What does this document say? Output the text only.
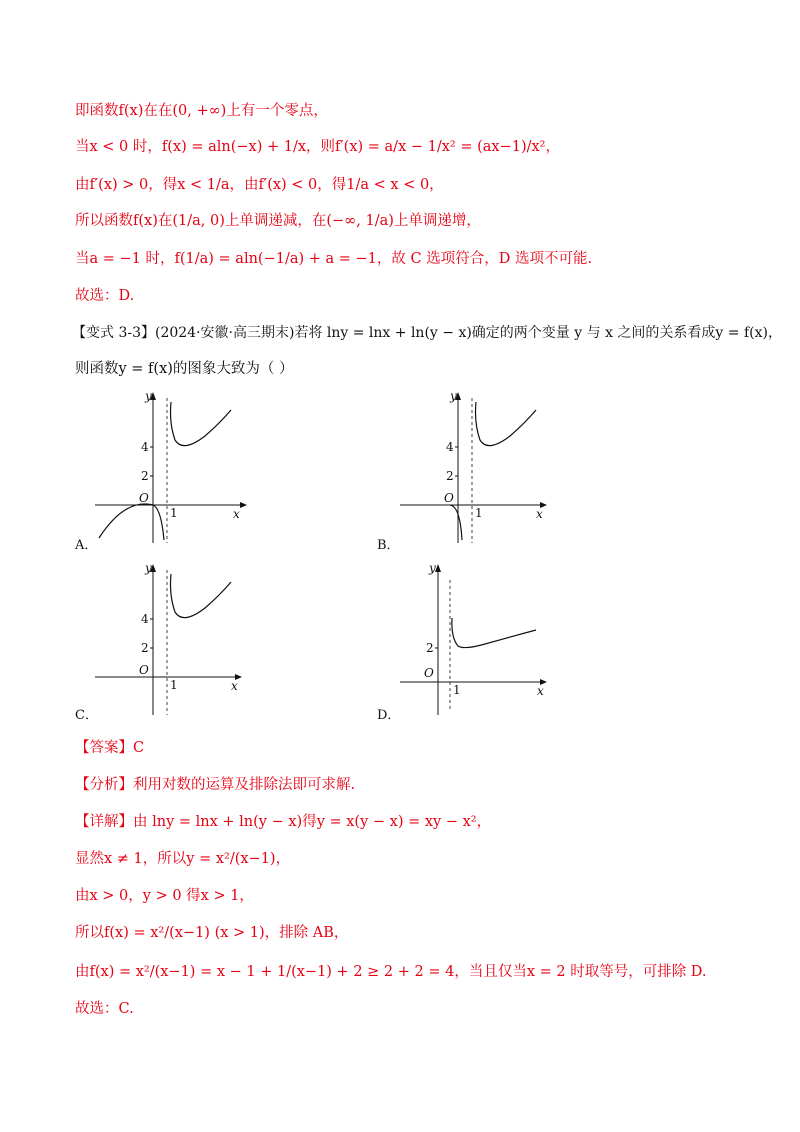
即函数f(x)在在(0, +∞)上有一个零点，
当x < 0 时，f(x) = aln(−x) + 1/x，则f′(x) = a/x − 1/x² = (ax−1)/x²，
由f′(x) > 0，得x < 1/a，由f′(x) < 0，得1/a < x < 0，
所以函数f(x)在(1/a, 0)上单调递减，在(−∞, 1/a)上单调递增，
当a = −1 时，f(1/a) = aln(−1/a) + a = −1，故 C 选项符合，D 选项不可能.
故选：D.
【变式 3-3】(2024·安徽·高三期末)若将 lny = lnx + ln(y − x)确定的两个变量 y 与 x 之间的关系看成y = f(x)，
则函数y = f(x)的图象大致为（ ）
y
x
O
4
2
1
A．
y
x
O
4
2
1
B．
y
x
O
4
2
1
C．
y
x
O
2
1
D．
【答案】C
【分析】利用对数的运算及排除法即可求解.
【详解】由 lny = lnx + ln(y − x)得y = x(y − x) = xy − x²，
显然x ≠ 1，所以y = x²/(x−1)，
由x > 0，y > 0 得x > 1，
所以f(x) = x²/(x−1) (x > 1)，排除 AB，
由f(x) = x²/(x−1) = x − 1 + 1/(x−1) + 2 ≥ 2 + 2 = 4，当且仅当x = 2 时取等号，可排除 D.
故选：C.
